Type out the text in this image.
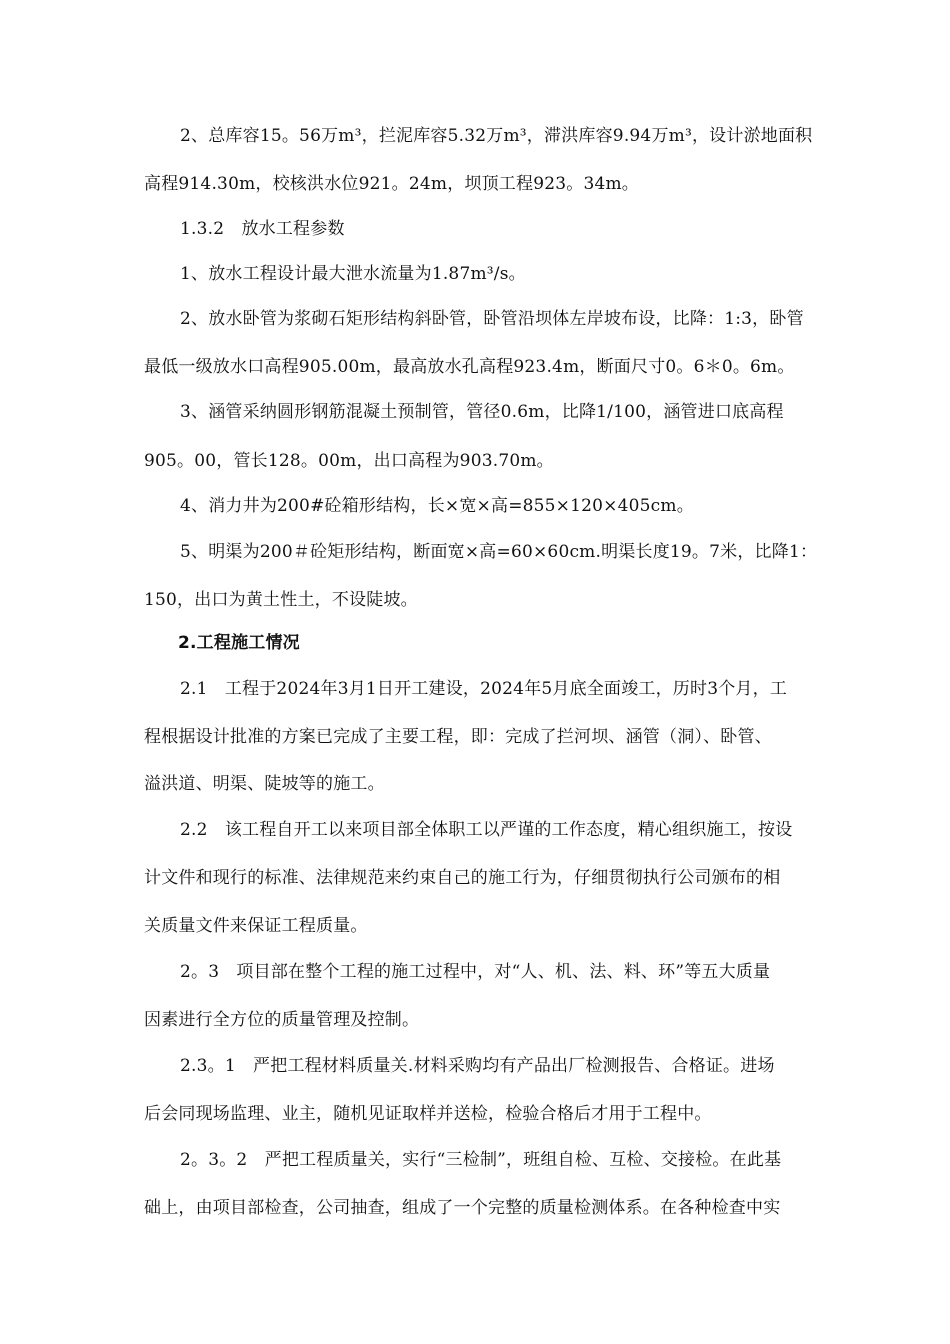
2、总库容15。56万m³，拦泥库容5.32万m³，滞洪库容9.94万m³，设计淤地面积
高程914.30m，校核洪水位921。24m，坝顶工程923。34m。
1.3.2　放水工程参数
1、放水工程设计最大泄水流量为1.87m³/s。
2、放水卧管为浆砌石矩形结构斜卧管，卧管沿坝体左岸坡布设，比降：1:3，卧管
最低一级放水口高程905.00m，最高放水孔高程923.4m，断面尺寸0。6＊0。6m。
3、涵管采纳圆形钢筋混凝土预制管，管径0.6m，比降1/100，涵管进口底高程
905。00，管长128。00m，出口高程为903.70m。
4、消力井为200#砼箱形结构，长×宽×高=855×120×405cm。
5、明渠为200＃砼矩形结构，断面宽×高=60×60cm.明渠长度19。7米，比降1：
150，出口为黄土性土，不设陡坡。
2.工程施工情况
2.1　工程于2024年3月1日开工建设，2024年5月底全面竣工，历时3个月，工
程根据设计批准的方案已完成了主要工程，即：完成了拦河坝、涵管（洞）、卧管、
溢洪道、明渠、陡坡等的施工。
2.2　该工程自开工以来项目部全体职工以严谨的工作态度，精心组织施工，按设
计文件和现行的标准、法律规范来约束自己的施工行为，仔细贯彻执行公司颁布的相
关质量文件来保证工程质量。
2。3　项目部在整个工程的施工过程中，对“人、机、法、料、环”等五大质量
因素进行全方位的质量管理及控制。
2.3。1　严把工程材料质量关.材料采购均有产品出厂检测报告、合格证。进场
后会同现场监理、业主，随机见证取样并送检，检验合格后才用于工程中。
2。3。2　严把工程质量关，实行“三检制”，班组自检、互检、交接检。在此基
础上，由项目部检查，公司抽查，组成了一个完整的质量检测体系。在各种检查中实
